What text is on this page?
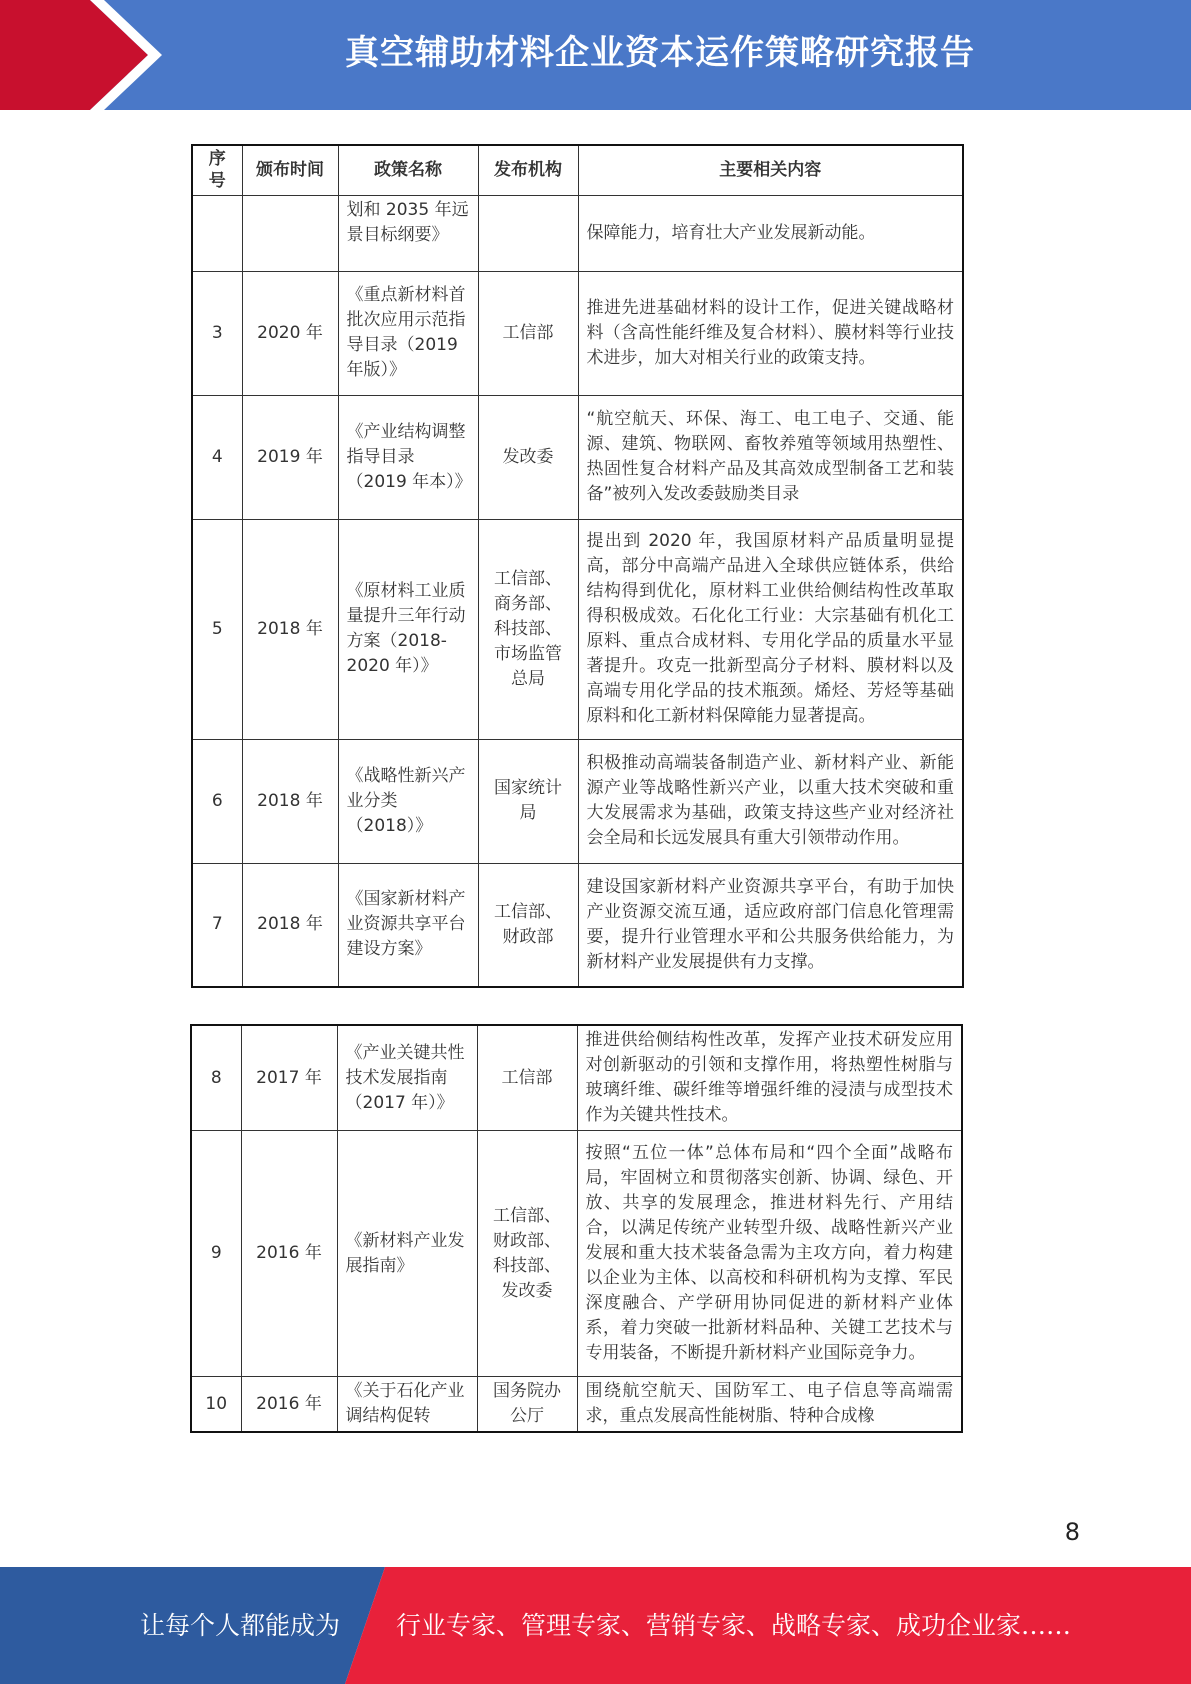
真空辅助材料企业资本运作策略研究报告
序号	颁布时间	政策名称	发布机构	主要相关内容
		划和 2035 年远景目标纲要》		保障能力，培育壮大产业发展新动能。
3	2020 年	《重点新材料首批次应用示范指导目录（2019 年版）》	工信部	推进先进基础材料的设计工作，促进关键战略材料（含高性能纤维及复合材料）、膜材料等行业技术进步，加大对相关行业的政策支持。
4	2019 年	《产业结构调整指导目录（2019 年本）》	发改委	“航空航天、环保、海工、电工电子、交通、能源、建筑、物联网、畜牧养殖等领域用热塑性、热固性复合材料产品及其高效成型制备工艺和装备”被列入发改委鼓励类目录
5	2018 年	《原材料工业质量提升三年行动方案（2018-2020 年）》	工信部、商务部、科技部、市场监管总局	提出到 2020 年，我国原材料产品质量明显提高，部分中高端产品进入全球供应链体系，供给结构得到优化，原材料工业供给侧结构性改革取得积极成效。石化化工行业：大宗基础有机化工原料、重点合成材料、专用化学品的质量水平显著提升。攻克一批新型高分子材料、膜材料以及高端专用化学品的技术瓶颈。烯烃、芳烃等基础原料和化工新材料保障能力显著提高。
6	2018 年	《战略性新兴产业分类（2018）》	国家统计局	积极推动高端装备制造产业、新材料产业、新能源产业等战略性新兴产业，以重大技术突破和重大发展需求为基础，政策支持这些产业对经济社会全局和长远发展具有重大引领带动作用。
7	2018 年	《国家新材料产业资源共享平台建设方案》	工信部、财政部	建设国家新材料产业资源共享平台，有助于加快产业资源交流互通，适应政府部门信息化管理需要，提升行业管理水平和公共服务供给能力，为新材料产业发展提供有力支撑。
8	2017 年	《产业关键共性技术发展指南（2017 年）》	工信部	推进供给侧结构性改革，发挥产业技术研发应用对创新驱动的引领和支撑作用，将热塑性树脂与玻璃纤维、碳纤维等增强纤维的浸渍与成型技术作为关键共性技术。
9	2016 年	《新材料产业发展指南》	工信部、财政部、科技部、发改委	按照“五位一体”总体布局和“四个全面”战略布局，牢固树立和贯彻落实创新、协调、绿色、开放、共享的发展理念，推进材料先行、产用结合，以满足传统产业转型升级、战略性新兴产业发展和重大技术装备急需为主攻方向，着力构建以企业为主体、以高校和科研机构为支撑、军民深度融合、产学研用协同促进的新材料产业体系，着力突破一批新材料品种、关键工艺技术与专用装备，不断提升新材料产业国际竞争力。
10	2016 年	《关于石化产业调结构促转	国务院办公厅	围绕航空航天、国防军工、电子信息等高端需求，重点发展高性能树脂、特种合成橡
8
让每个人都能成为	行业专家、管理专家、营销专家、战略专家、成功企业家……
